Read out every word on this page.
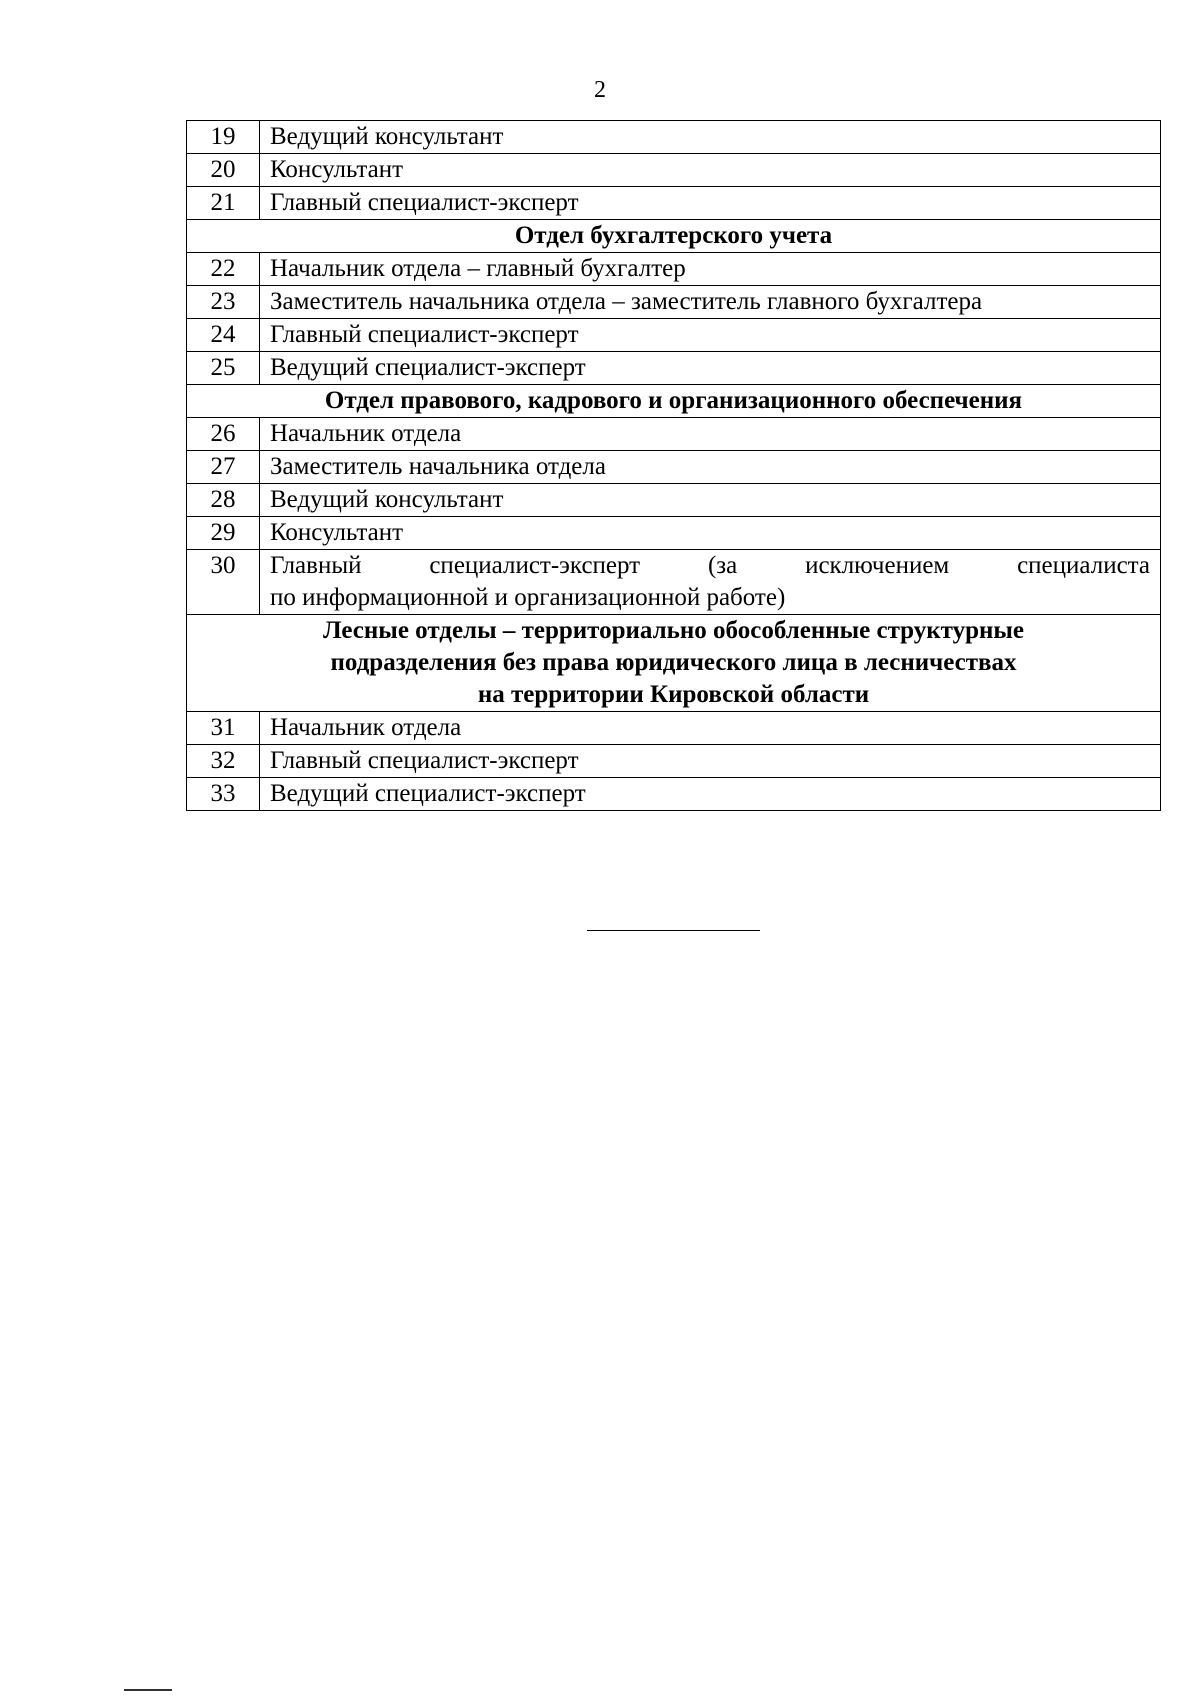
2
19	Ведущий консультант
20	Консультант
21	Главный специалист-эксперт

Отдел бухгалтерского учета	

22	Начальник отдела – главный бухгалтер
23	Заместитель начальника отдела – заместитель главного бухгалтера
24	Главный специалист-эксперт
25	Ведущий специалист-эксперт

Отдел правового, кадрового и организационного обеспечения	

26	Начальник отдела
27	Заместитель начальника отдела
28	Ведущий консультант
29	Консультант
30	Главный специалист-эксперт (за исключением специалиста
по информационной и организационной работе)

Лесные отделы – территориально обособленные структурные
подразделения без права юридического лица в лесничествах
на территории Кировской области	

31	Начальник отдела
32	Главный специалист-эксперт
33	Ведущий специалист-эксперт
